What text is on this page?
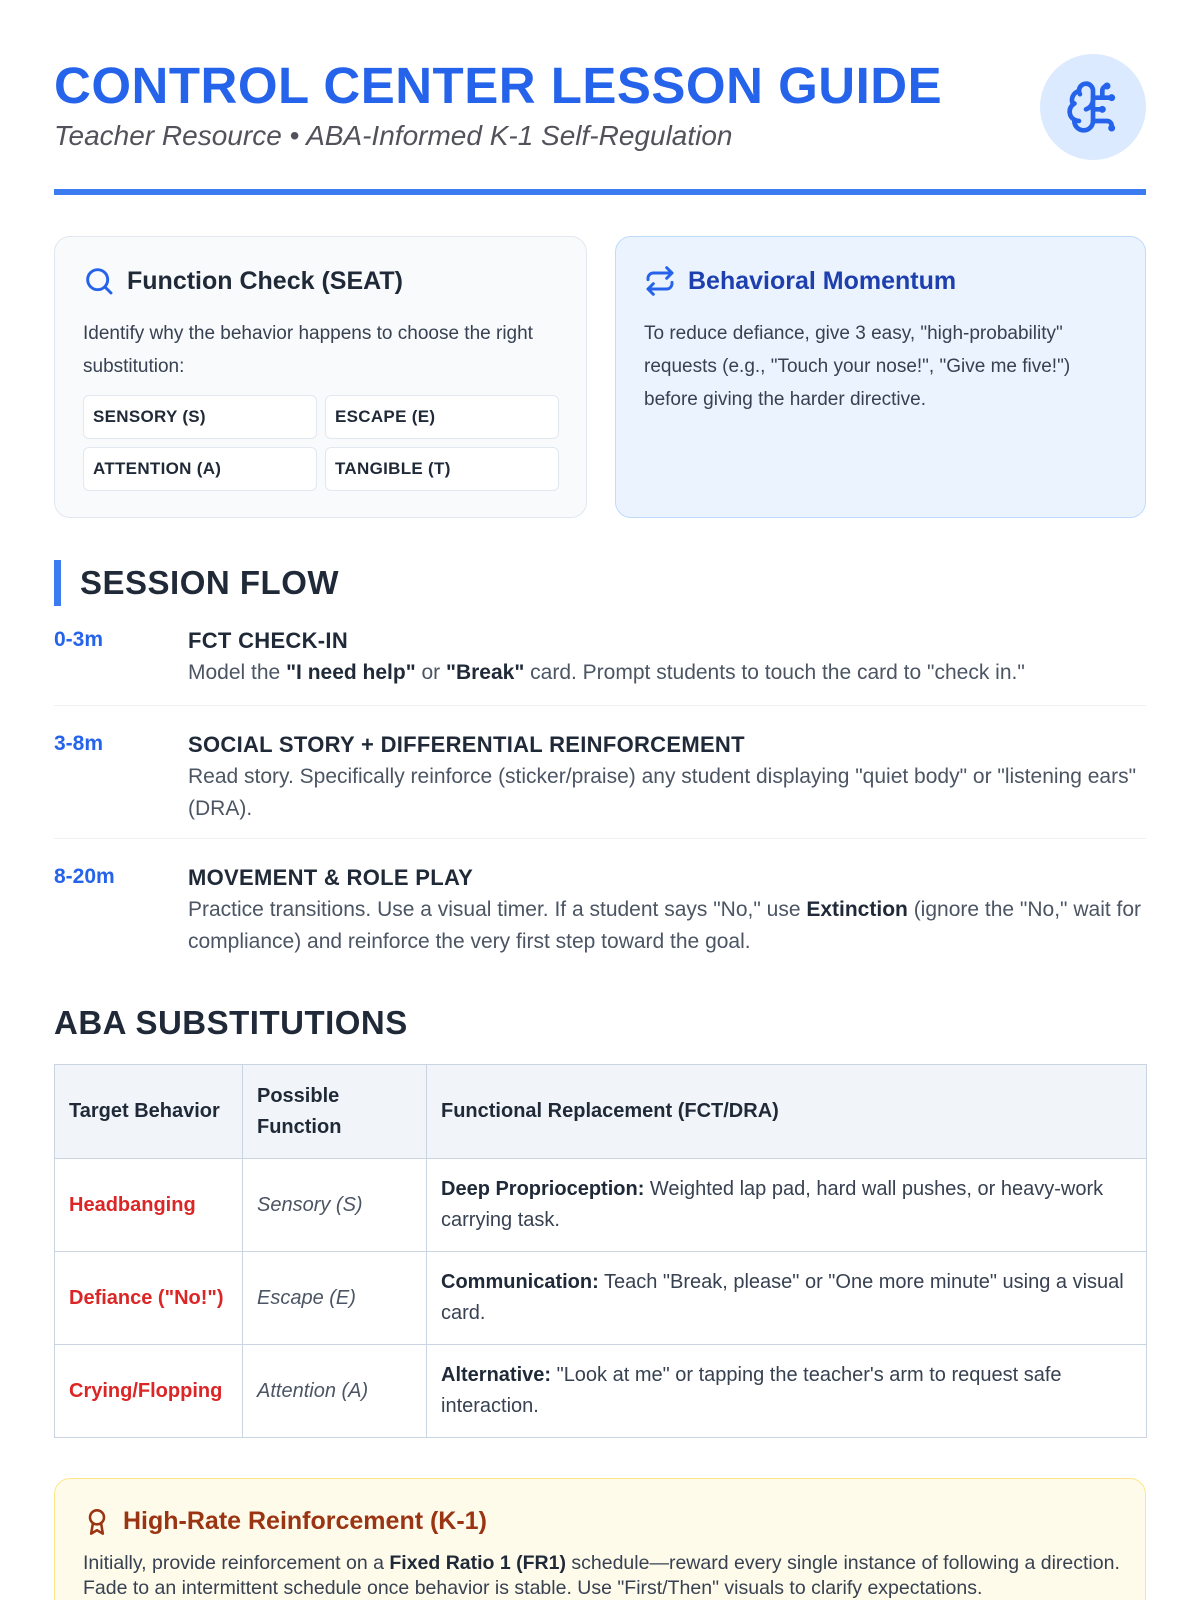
CONTROL CENTER LESSON GUIDE
Teacher Resource • ABA-Informed K-1 Self-Regulation
Function Check (SEAT)
Identify why the behavior happens to choose the right substitution:
SENSORY (S)	ESCAPE (E)
ATTENTION (A)	TANGIBLE (T)
Behavioral Momentum
To reduce defiance, give 3 easy, "high-probability" requests (e.g., "Touch your nose!", "Give me five!") before giving the harder directive.
SESSION FLOW
0-3m	FCT CHECK-IN
Model the "I need help" or "Break" card. Prompt students to touch the card to "check in."
3-8m	SOCIAL STORY + DIFFERENTIAL REINFORCEMENT
Read story. Specifically reinforce (sticker/praise) any student displaying "quiet body" or "listening ears" (DRA).
8-20m	MOVEMENT & ROLE PLAY
Practice transitions. Use a visual timer. If a student says "No," use Extinction (ignore the "No," wait for compliance) and reinforce the very first step toward the goal.
ABA SUBSTITUTIONS
Target Behavior	Possible Function	Functional Replacement (FCT/DRA)
Headbanging	Sensory (S)	Deep Proprioception: Weighted lap pad, hard wall pushes, or heavy-work carrying task.
Defiance ("No!")	Escape (E)	Communication: Teach "Break, please" or "One more minute" using a visual card.
Crying/Flopping	Attention (A)	Alternative: "Look at me" or tapping the teacher's arm to request safe interaction.
High-Rate Reinforcement (K-1)
Initially, provide reinforcement on a Fixed Ratio 1 (FR1) schedule—reward every single instance of following a direction. Fade to an intermittent schedule once behavior is stable. Use "First/Then" visuals to clarify expectations.
